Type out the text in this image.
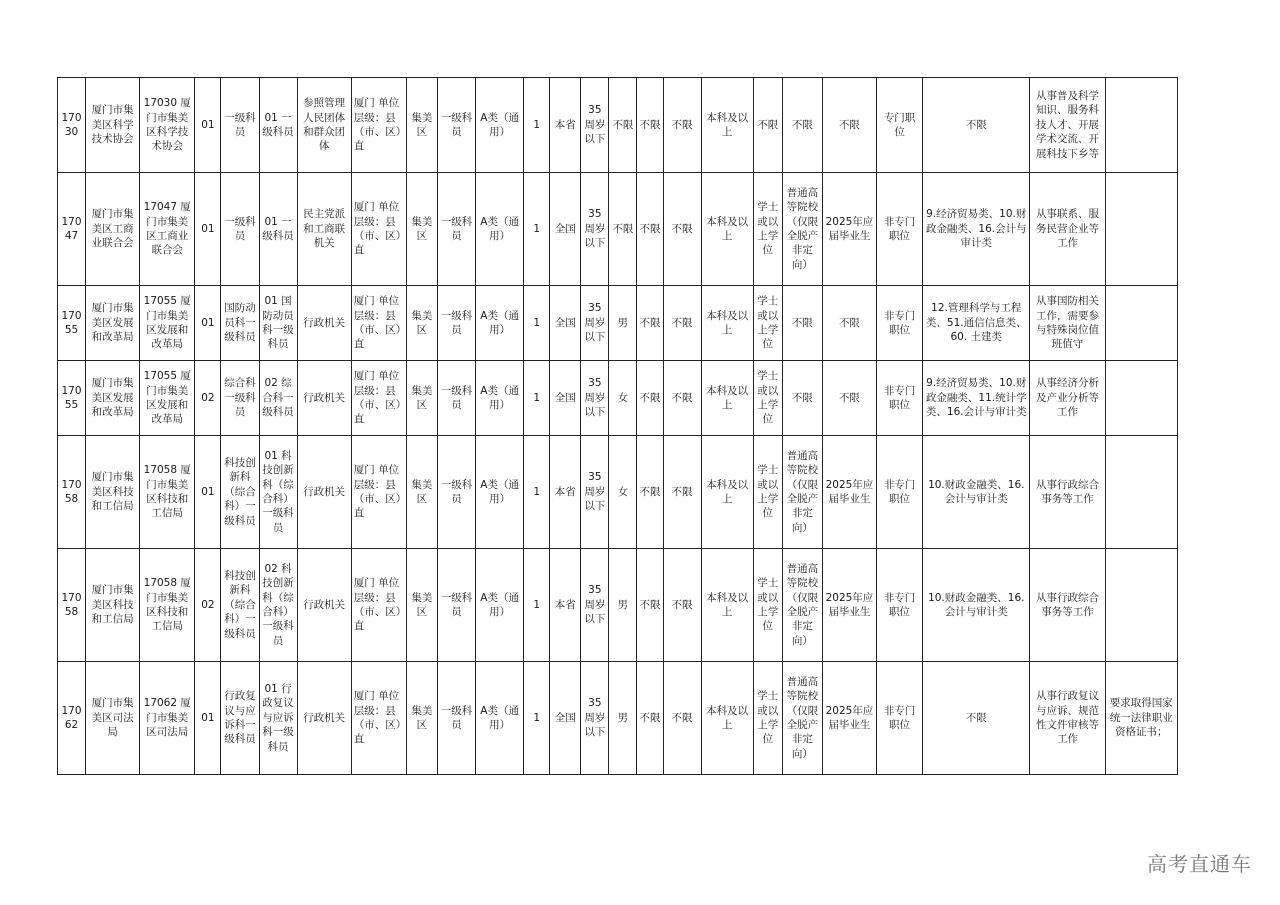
17030	厦门市集美区科学技术协会	17030 厦门市集美区科学技术协会	01	一级科员	01 一级科员	参照管理人民团体和群众团体	厦门 单位层级：县（市、区）直	集美区	一级科员	A类（通用）	1	本省	35周岁以下	不限	不限	不限	本科及以上	不限	不限	不限	专门职位	不限	从事普及科学知识、服务科技人才、开展学术交流、开展科技下乡等	
17047	厦门市集美区工商业联合会	17047 厦门市集美区工商业联合会	01	一级科员	01 一级科员	民主党派和工商联机关	厦门 单位层级：县（市、区）直	集美区	一级科员	A类（通用）	1	全国	35周岁以下	不限	不限	不限	本科及以上	学士或以上学位	普通高等院校（仅限全脱产非定向）	2025年应届毕业生	非专门职位	9.经济贸易类、10.财政金融类、16.会计与审计类	从事联系、服务民营企业等工作	
17055	厦门市集美区发展和改革局	17055 厦门市集美区发展和改革局	01	国防动员科一级科员	01 国防动员科一级科员	行政机关	厦门 单位层级：县（市、区）直	集美区	一级科员	A类（通用）	1	全国	35周岁以下	男	不限	不限	本科及以上	学士或以上学位	不限	不限	非专门职位	12.管理科学与工程类、51.通信信息类、60. 土建类	从事国防相关工作，需要参与特殊岗位值班值守	
17055	厦门市集美区发展和改革局	17055 厦门市集美区发展和改革局	02	综合科一级科员	02 综合科一级科员	行政机关	厦门 单位层级：县（市、区）直	集美区	一级科员	A类（通用）	1	全国	35周岁以下	女	不限	不限	本科及以上	学士或以上学位	不限	不限	非专门职位	9.经济贸易类、10.财政金融类、11.统计学类、16.会计与审计类	从事经济分析及产业分析等工作	
17058	厦门市集美区科技和工信局	17058 厦门市集美区科技和工信局	01	科技创新科（综合科）一级科员	01 科技创新科（综合科）一级科员	行政机关	厦门 单位层级：县（市、区）直	集美区	一级科员	A类（通用）	1	本省	35周岁以下	女	不限	不限	本科及以上	学士或以上学位	普通高等院校（仅限全脱产非定向）	2025年应届毕业生	非专门职位	10.财政金融类、16.会计与审计类	从事行政综合事务等工作	
17058	厦门市集美区科技和工信局	17058 厦门市集美区科技和工信局	02	科技创新科（综合科）一级科员	02 科技创新科（综合科）一级科员	行政机关	厦门 单位层级：县（市、区）直	集美区	一级科员	A类（通用）	1	本省	35周岁以下	男	不限	不限	本科及以上	学士或以上学位	普通高等院校（仅限全脱产非定向）	2025年应届毕业生	非专门职位	10.财政金融类、16.会计与审计类	从事行政综合事务等工作	
17062	厦门市集美区司法局	17062 厦门市集美区司法局	01	行政复议与应诉科一级科员	01 行政复议与应诉科一级科员	行政机关	厦门 单位层级：县（市、区）直	集美区	一级科员	A类（通用）	1	全国	35周岁以下	男	不限	不限	本科及以上	学士或以上学位	普通高等院校（仅限全脱产非定向）	2025年应届毕业生	非专门职位	不限	从事行政复议与应诉、规范性文件审核等工作	要求取得国家统一法律职业资格证书；
高考直通车
